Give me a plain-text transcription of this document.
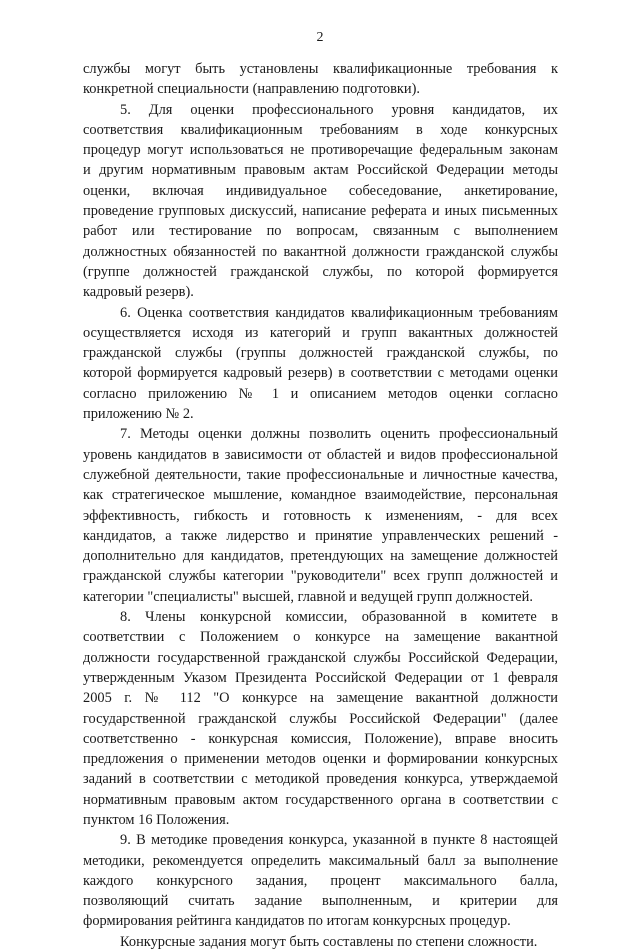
2

службы могут быть установлены квалификационные требования к
конкретной специальности (направлению подготовки).

5. Для оценки профессионального уровня кандидатов, их
соответствия квалификационным требованиям в ходе конкурсных
процедур могут использоваться не противоречащие федеральным законам
и другим нормативным правовым актам Российской Федерации методы
оценки, включая индивидуальное собеседование, анкетирование,
проведение групповых дискуссий, написание реферата и иных письменных
работ или тестирование по вопросам, связанным с выполнением
должностных обязанностей по вакантной должности гражданской службы
(группе должностей гражданской службы, по которой формируется
кадровый резерв).

6. Оценка соответствия кандидатов квалификационным требованиям
осуществляется исходя из категорий и групп вакантных должностей
гражданской службы (группы должностей гражданской службы, по
которой формируется кадровый резерв) в соответствии с методами оценки
согласно приложению № 1 и описанием методов оценки согласно
приложению № 2.

7. Методы оценки должны позволить оценить профессиональный
уровень кандидатов в зависимости от областей и видов профессиональной
служебной деятельности, такие профессиональные и личностные качества,
как стратегическое мышление, командное взаимодействие, персональная
эффективность, гибкость и готовность к изменениям, - для всех
кандидатов, а также лидерство и принятие управленческих решений -
дополнительно для кандидатов, претендующих на замещение должностей
гражданской службы категории "руководители" всех групп должностей и
категории "специалисты" высшей, главной и ведущей групп должностей.

8. Члены конкурсной комиссии, образованной в комитете в
соответствии с Положением о конкурсе на замещение вакантной
должности государственной гражданской службы Российской Федерации,
утвержденным Указом Президента Российской Федерации от 1 февраля
2005 г. № 112 "О конкурсе на замещение вакантной должности
государственной гражданской службы Российской Федерации" (далее
соответственно - конкурсная комиссия, Положение), вправе вносить
предложения о применении методов оценки и формировании конкурсных
заданий в соответствии с методикой проведения конкурса, утверждаемой
нормативным правовым актом государственного органа в соответствии с
пунктом 16 Положения.

9. В методике проведения конкурса, указанной в пункте 8 настоящей
методики, рекомендуется определить максимальный балл за выполнение
каждого конкурсного задания, процент максимального балла,
позволяющий считать задание выполненным, и критерии для
формирования рейтинга кандидатов по итогам конкурсных процедур.

Конкурсные задания могут быть составлены по степени сложности.
